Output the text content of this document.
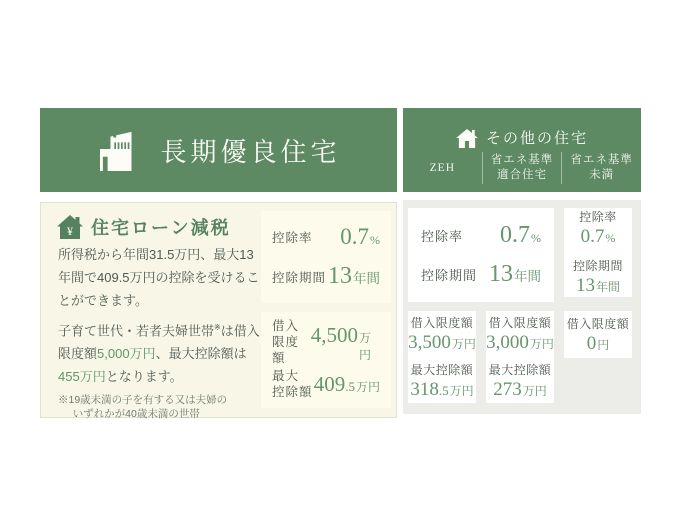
長期優良住宅	その他の住宅
ZEH
省エネ基準
適合住宅
省エネ基準
未満
¥ 住宅ローン減税

所得税から年間31.5万円、最大13年間で409.5万円の控除を受けることができます。

子育て世代・若者夫婦世帯※は借入限度額5,000万円、最大控除額は455万円となります。

※19歳未満の子を有する又は夫婦の
いずれかが40歳未満の世帯

控除率 0.7 %
控除期間 13 年間
借入
限度額
4,500 万円
最大
控除額 409 .5 万円
控除率 0.7 %
控除期間 13 年間
控除率
0.7 %
控除期間
13 年間
借入限度額
3,500 万円
最大控除額
318 .5 万円
借入限度額
3,000 万円
最大控除額
273 万円
借入限度額
0 円
